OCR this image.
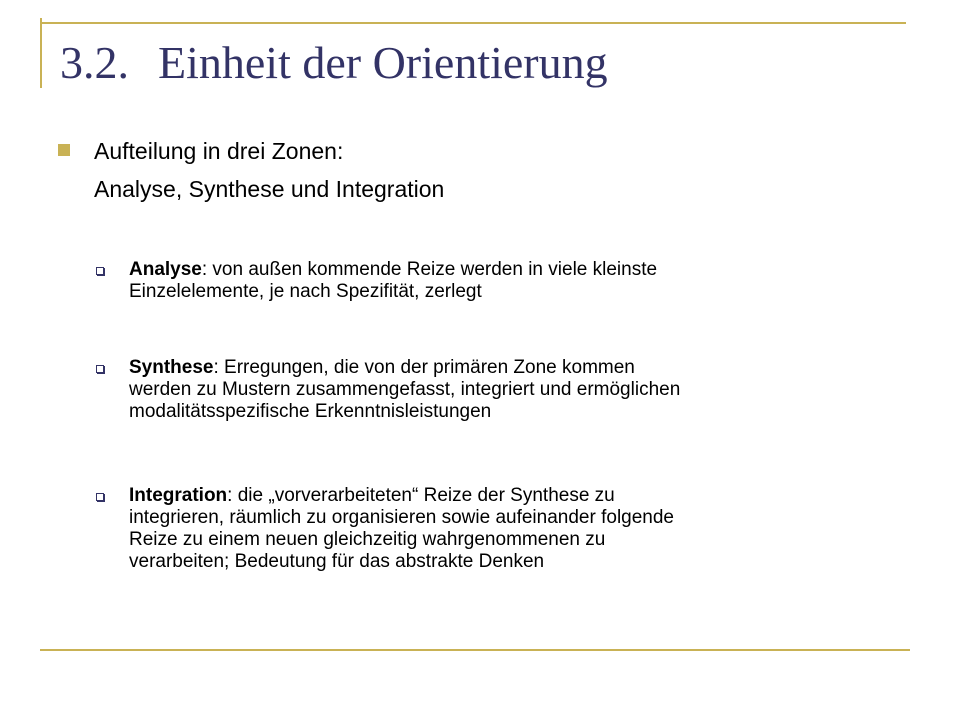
3.2. Einheit der Orientierung
Aufteilung in drei Zonen:
Analyse, Synthese und Integration
Analyse: von außen kommende Reize werden in viele kleinste
Einzelelemente, je nach Spezifität, zerlegt
Synthese: Erregungen, die von der primären Zone kommen
werden zu Mustern zusammengefasst, integriert und ermöglichen
modalitätsspezifische Erkenntnisleistungen
Integration: die „vorverarbeiteten“ Reize der Synthese zu
integrieren, räumlich zu organisieren sowie aufeinander folgende
Reize zu einem neuen gleichzeitig wahrgenommenen zu
verarbeiten; Bedeutung für das abstrakte Denken
